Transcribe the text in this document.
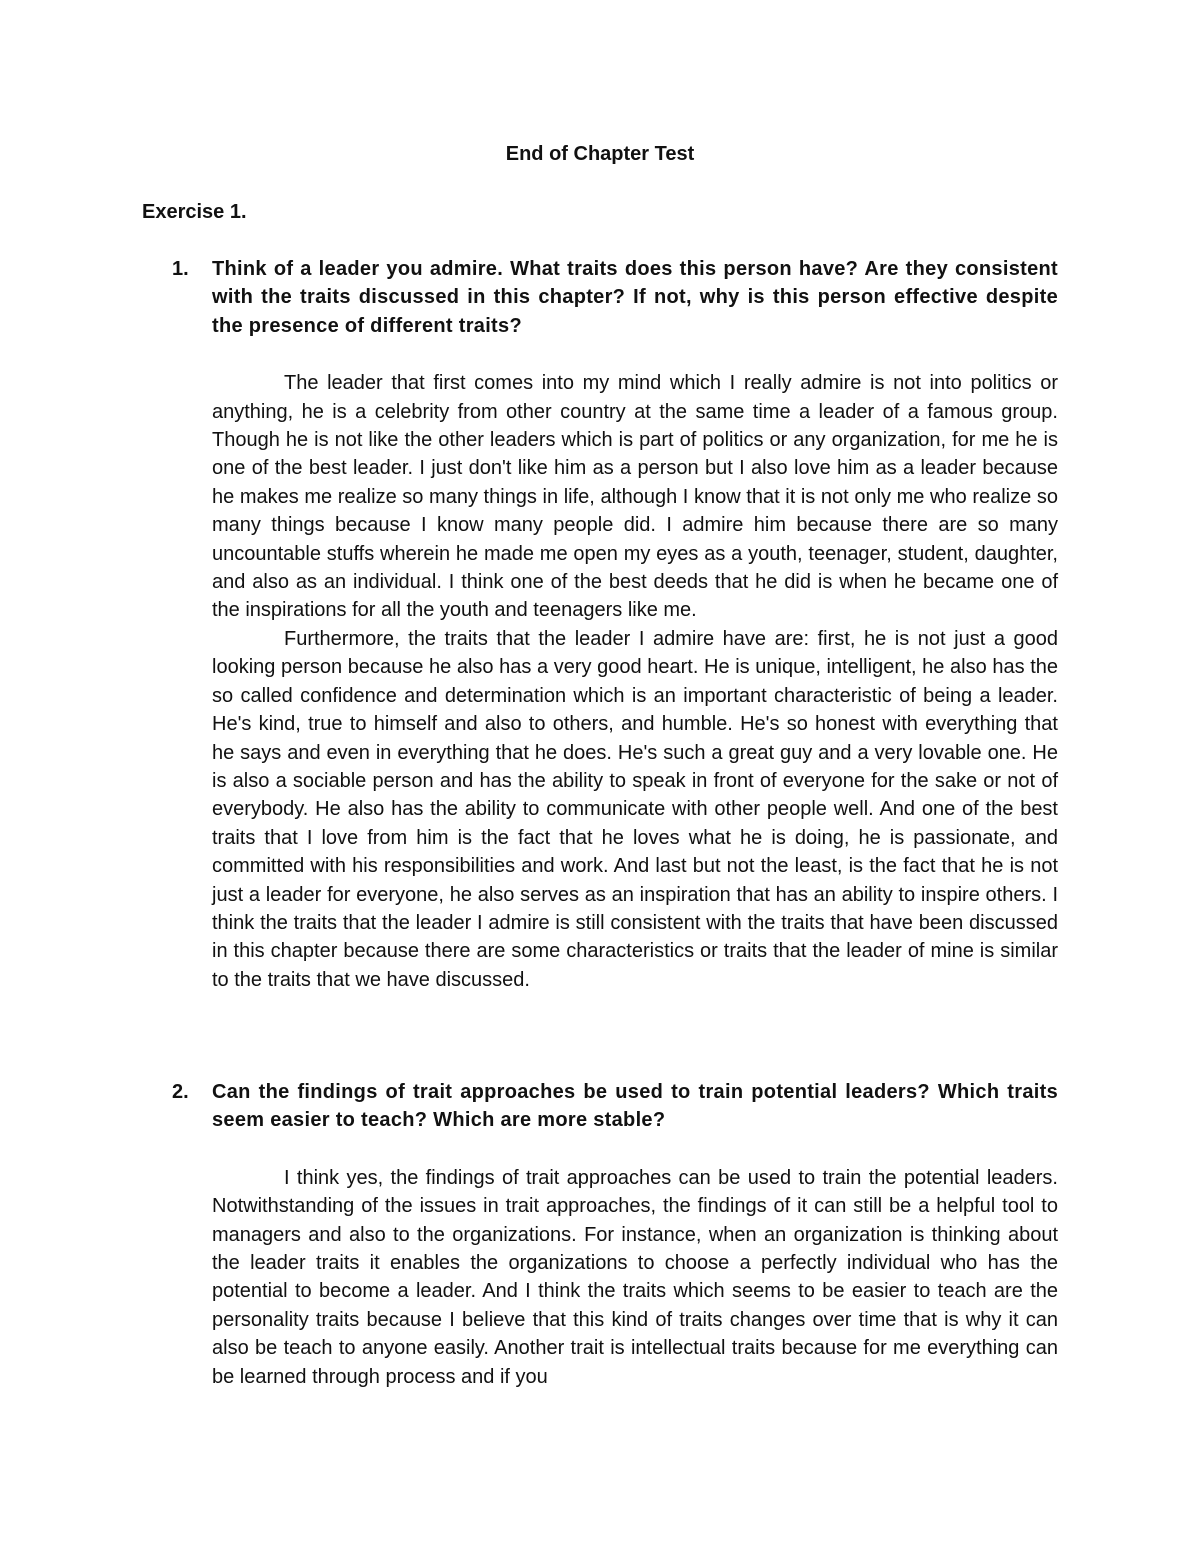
End of Chapter Test
Exercise 1.
1. Think of a leader you admire. What traits does this person have? Are they consistent with the traits discussed in this chapter? If not, why is this person effective despite the presence of different traits?

The leader that first comes into my mind which I really admire is not into politics or anything, he is a celebrity from other country at the same time a leader of a famous group. Though he is not like the other leaders which is part of politics or any organization, for me he is one of the best leader. I just don't like him as a person but I also love him as a leader because he makes me realize so many things in life, although I know that it is not only me who realize so many things because I know many people did. I admire him because there are so many uncountable stuffs wherein he made me open my eyes as a youth, teenager, student, daughter, and also as an individual. I think one of the best deeds that he did is when he became one of the inspirations for all the youth and teenagers like me.

Furthermore, the traits that the leader I admire have are: first, he is not just a good looking person because he also has a very good heart. He is unique, intelligent, he also has the so called confidence and determination which is an important characteristic of being a leader. He's kind, true to himself and also to others, and humble. He's so honest with everything that he says and even in everything that he does. He's such a great guy and a very lovable one. He is also a sociable person and has the ability to speak in front of everyone for the sake or not of everybody. He also has the ability to communicate with other people well. And one of the best traits that I love from him is the fact that he loves what he is doing, he is passionate, and committed with his responsibilities and work. And last but not the least, is the fact that he is not just a leader for everyone, he also serves as an inspiration that has an ability to inspire others. I think the traits that the leader I admire is still consistent with the traits that have been discussed in this chapter because there are some characteristics or traits that the leader of mine is similar to the traits that we have discussed.

2. Can the findings of trait approaches be used to train potential leaders? Which traits seem easier to teach? Which are more stable?

I think yes, the findings of trait approaches can be used to train the potential leaders. Notwithstanding of the issues in trait approaches, the findings of it can still be a helpful tool to managers and also to the organizations. For instance, when an organization is thinking about the leader traits it enables the organizations to choose a perfectly individual who has the potential to become a leader. And I think the traits which seems to be easier to teach are the personality traits because I believe that this kind of traits changes over time that is why it can also be teach to anyone easily. Another trait is intellectual traits because for me everything can be learned through process and if you
